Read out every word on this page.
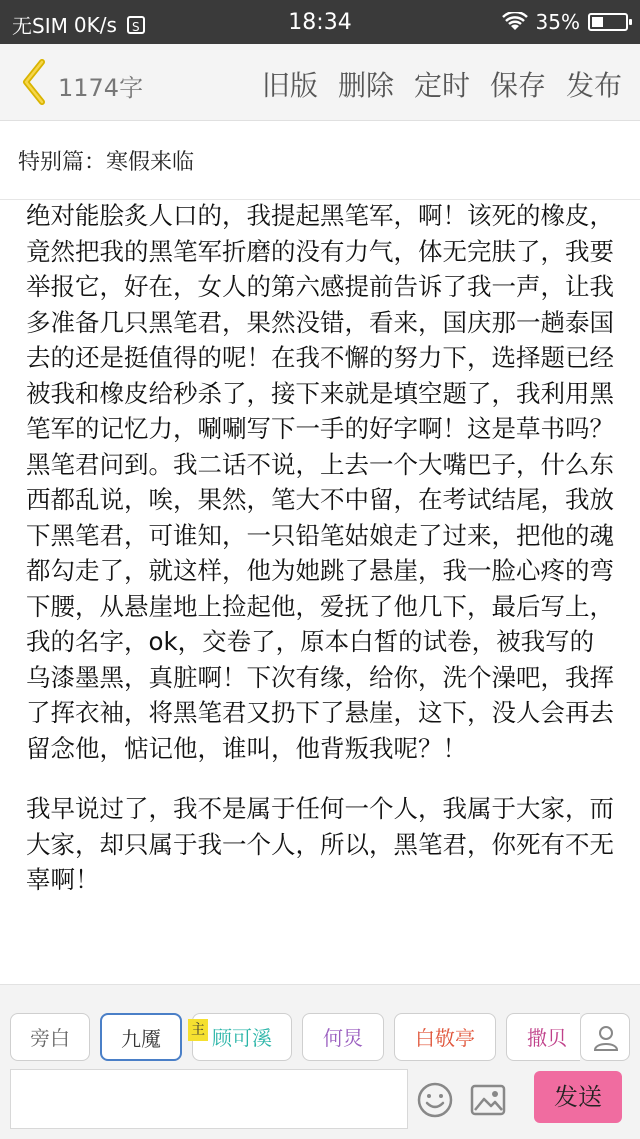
无SIM 0K/s	S	18:34	35%
1174字	旧版 删除 定时 保存 发布
特别篇：寒假来临

绝对能脍炙人口的，我提起黑笔军，啊！该死的橡皮，竟然把我的黑笔军折磨的没有力气，体无完肤了，我要举报它，好在，女人的第六感提前告诉了我一声，让我多准备几只黑笔君，果然没错，看来，国庆那一趟泰国去的还是挺值得的呢！在我不懈的努力下，选择题已经被我和橡皮给秒杀了，接下来就是填空题了，我利用黑笔军的记忆力，唰唰写下一手的好字啊！这是草书吗？黑笔君问到。我二话不说，上去一个大嘴巴子，什么东西都乱说，唉，果然，笔大不中留，在考试结尾，我放下黑笔君，可谁知，一只铅笔姑娘走了过来，把他的魂都勾走了，就这样，他为她跳了悬崖，我一脸心疼的弯下腰，从悬崖地上捡起他，爱抚了他几下，最后写上，我的名字，ok，交卷了，原本白皙的试卷，被我写的乌漆墨黑，真脏啊！下次有缘，给你，洗个澡吧，我挥了挥衣袖，将黑笔君又扔下了悬崖，这下，没人会再去留念他，惦记他，谁叫，他背叛我呢？！

我早说过了，我不是属于任何一个人，我属于大家，而大家，却只属于我一个人，所以，黑笔君，你死有不无辜啊！

旁白	九魇	顾可溪	何炅	白敬亭	撒贝
主
发送
